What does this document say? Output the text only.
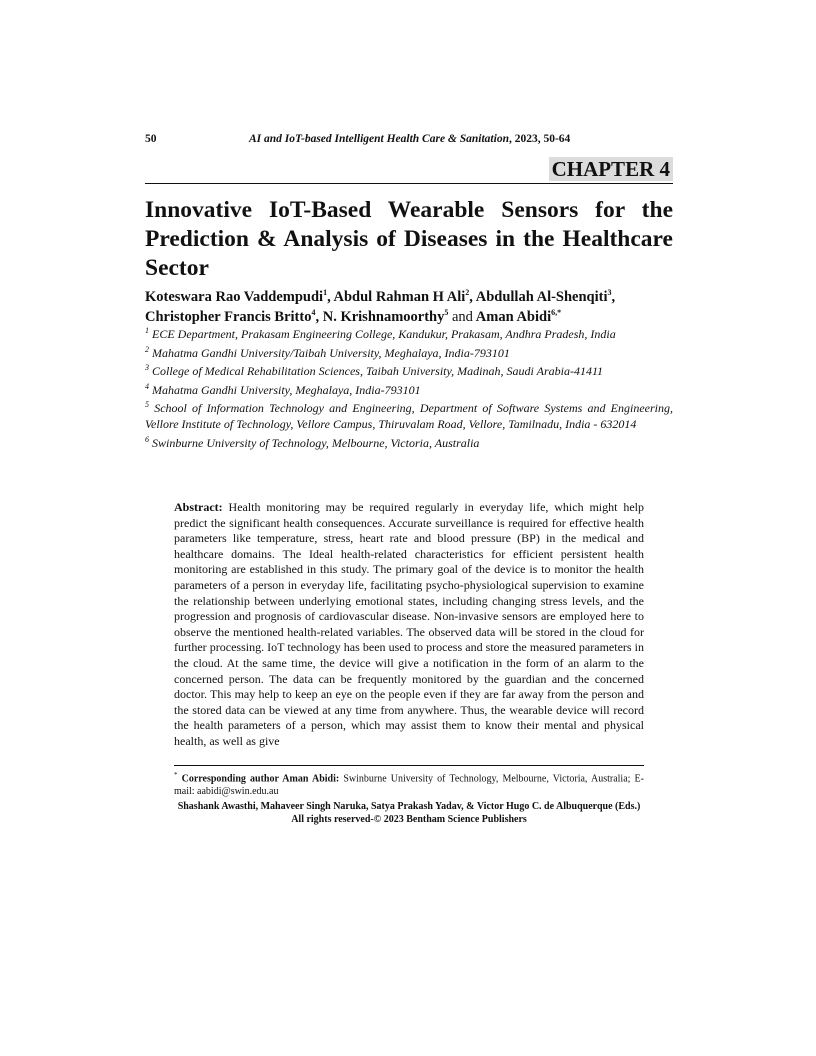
50	AI and IoT-based Intelligent Health Care & Sanitation, 2023, 50-64
CHAPTER 4
Innovative IoT-Based Wearable Sensors for the Prediction & Analysis of Diseases in the Healthcare Sector
Koteswara Rao Vaddempudi$^1$, Abdul Rahman H Ali$^2$, Abdullah Al-Shenqiti$^3$,
Christopher Francis Britto$^4$, N. Krishnamoorthy$^5$ and Aman Abidi$^{6,*}$

$^1$ ECE Department, Prakasam Engineering College, Kandukur, Prakasam, Andhra Pradesh, India

$^2$ Mahatma Gandhi University/Taibah University, Meghalaya, India-793101

$^3$ College of Medical Rehabilitation Sciences, Taibah University, Madinah, Saudi Arabia-41411

$^4$ Mahatma Gandhi University, Meghalaya, India-793101

$^5$ School of Information Technology and Engineering, Department of Software Systems and Engineering, Vellore Institute of Technology, Vellore Campus, Thiruvalam Road, Vellore, Tamilnadu, India - 632014

$^6$ Swinburne University of Technology, Melbourne, Victoria, Australia

Abstract: Health monitoring may be required regularly in everyday life, which might help predict the significant health consequences. Accurate surveillance is required for effective health parameters like temperature, stress, heart rate and blood pressure (BP) in the medical and healthcare domains. The Ideal health-related characteristics for efficient persistent health monitoring are established in this study. The primary goal of the device is to monitor the health parameters of a person in everyday life, facilitating psycho-physiological supervision to examine the relationship between underlying emotional states, including changing stress levels, and the progression and prognosis of cardiovascular disease. Non-invasive sensors are employed here to observe the mentioned health-related variables. The observed data will be stored in the cloud for further processing. IoT technology has been used to process and store the measured parameters in the cloud. At the same time, the device will give a notification in the form of an alarm to the concerned person. The data can be frequently monitored by the guardian and the concerned doctor. This may help to keep an eye on the people even if they are far away from the person and the stored data can be viewed at any time from anywhere. Thus, the wearable device will record the health parameters of a person, which may assist them to know their mental and physical health, as well as give

* Corresponding author Aman Abidi: Swinburne University of Technology, Melbourne, Victoria, Australia; E-mail: aabidi@swin.edu.au

Shashank Awasthi, Mahaveer Singh Naruka, Satya Prakash Yadav, & Victor Hugo C. de Albuquerque (Eds.)
All rights reserved-© 2023 Bentham Science Publishers
